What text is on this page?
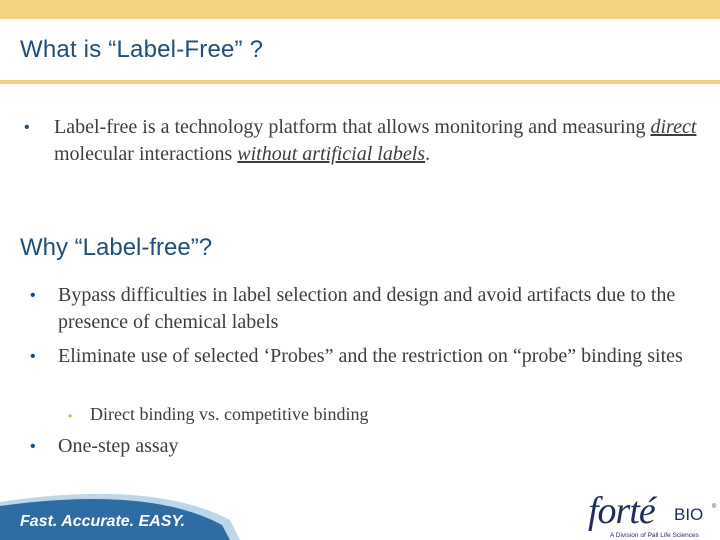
What is “Label-Free” ?
•	Label-free is a technology platform that allows monitoring and measuring direct molecular interactions without artificial labels.
Why “Label-free”?
•	Bypass difficulties in label selection and design and avoid artifacts due to the presence of chemical labels
•	Eliminate use of selected ‘Probes” and the restriction on “probe” binding sites
• Direct binding vs. competitive binding
•	One-step assay
Fast. Accurate. EASY.	forté BIO ®
A Division of Pall Life Sciences
